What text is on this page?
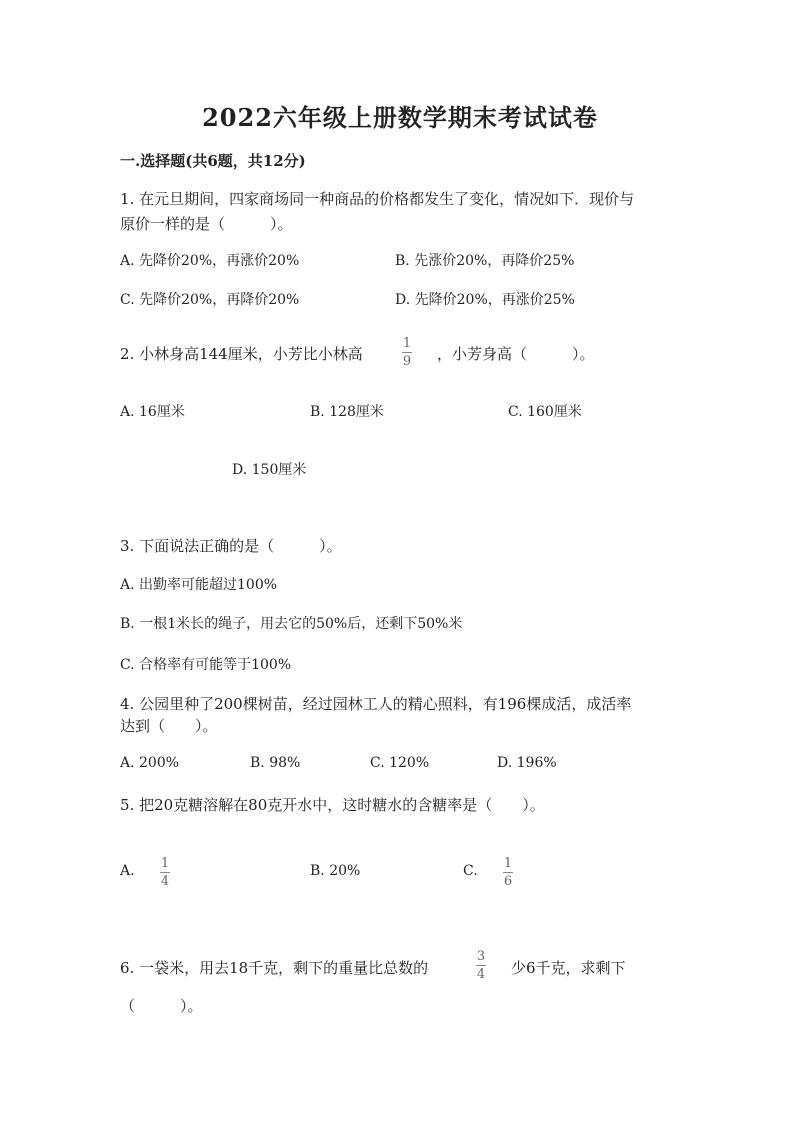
2022六年级上册数学期末考试试卷
一.选择题(共6题，共12分)
1. 在元旦期间，四家商场同一种商品的价格都发生了变化，情况如下．现价与
原价一样的是（　　　）。
A. 先降价20%，再涨价20%	B. 先涨价20%，再降价25%
C. 先降价20%，再降价20%	D. 先降价20%，再涨价25%
2. 小林身高144厘米，小芳比小林高
1
9 ，小芳身高（　　　）。
A. 16厘米	B. 128厘米	C. 160厘米
D. 150厘米
3. 下面说法正确的是（　　　）。
A. 出勤率可能超过100%
B. 一根1米长的绳子，用去它的50%后，还剩下50%米
C. 合格率有可能等于100%
4. 公园里种了200棵树苗，经过园林工人的精心照料，有196棵成活，成活率
达到（　　）。
A. 200%	B. 98%	C. 120%	D. 196%
5. 把20克糖溶解在80克开水中，这时糖水的含糖率是（　　）。
A. 1
4
B. 20%	C. 1
6
6. 一袋米，用去18千克，剩下的重量比总数的
3
4 少6千克，求剩下
（　　　）。
